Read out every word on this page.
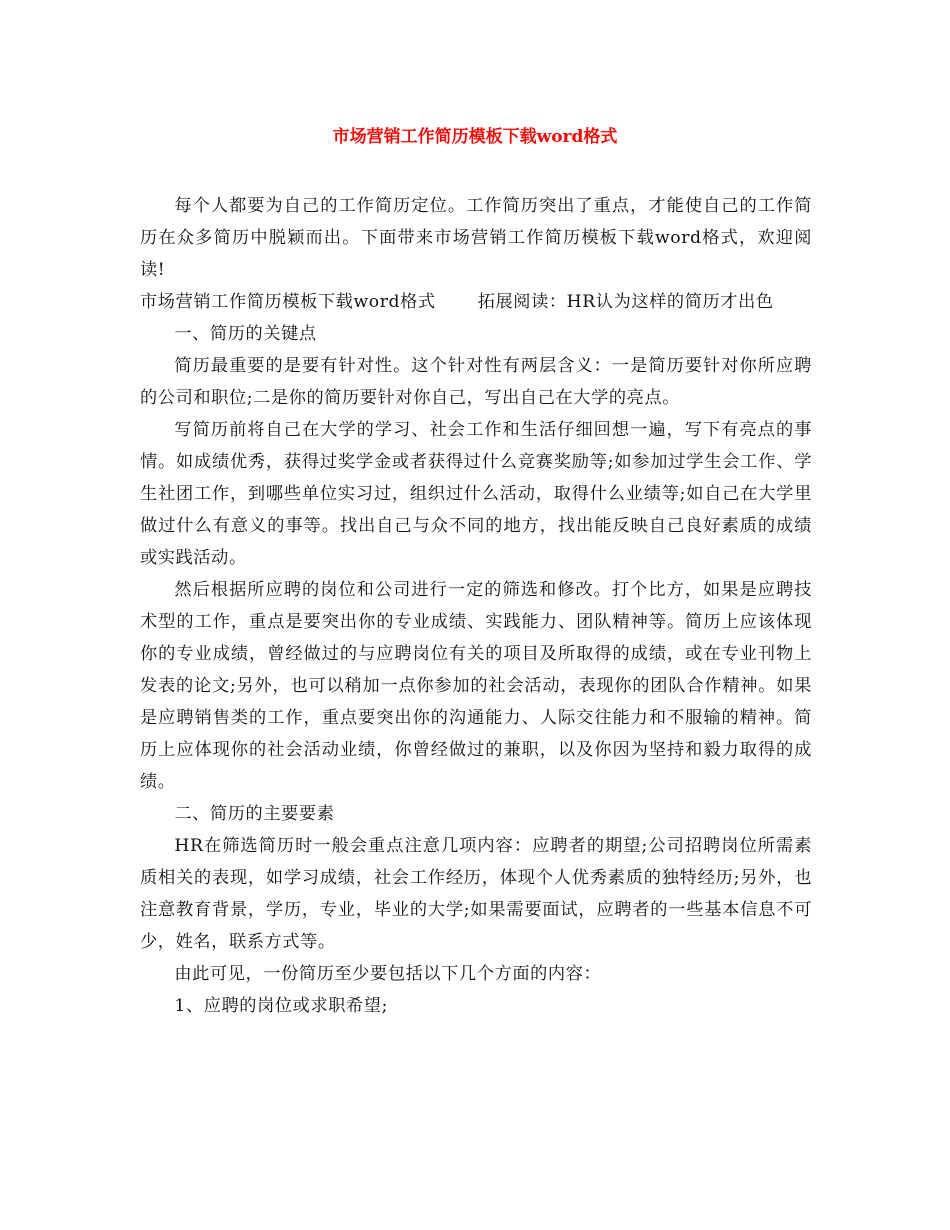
市场营销工作简历模板下载word格式

每个人都要为自己的工作简历定位。工作简历突出了重点，才能使自己的工作简历在众多简历中脱颖而出。下面带来市场营销工作简历模板下载word格式，欢迎阅读!

市场营销工作简历模板下载word格式 拓展阅读：HR认为这样的简历才出色

一、简历的关键点

简历最重要的是要有针对性。这个针对性有两层含义：一是简历要针对你所应聘的公司和职位;二是你的简历要针对你自己，写出自己在大学的亮点。

写简历前将自己在大学的学习、社会工作和生活仔细回想一遍，写下有亮点的事情。如成绩优秀，获得过奖学金或者获得过什么竞赛奖励等;如参加过学生会工作、学生社团工作，到哪些单位实习过，组织过什么活动，取得什么业绩等;如自己在大学里做过什么有意义的事等。找出自己与众不同的地方，找出能反映自己良好素质的成绩或实践活动。

然后根据所应聘的岗位和公司进行一定的筛选和修改。打个比方，如果是应聘技术型的工作，重点是要突出你的专业成绩、实践能力、团队精神等。简历上应该体现你的专业成绩，曾经做过的与应聘岗位有关的项目及所取得的成绩，或在专业刊物上发表的论文;另外，也可以稍加一点你参加的社会活动，表现你的团队合作精神。如果是应聘销售类的工作，重点要突出你的沟通能力、人际交往能力和不服输的精神。简历上应体现你的社会活动业绩，你曾经做过的兼职，以及你因为坚持和毅力取得的成绩。

二、简历的主要要素

HR在筛选简历时一般会重点注意几项内容：应聘者的期望;公司招聘岗位所需素质相关的表现，如学习成绩，社会工作经历，体现个人优秀素质的独特经历;另外，也注意教育背景，学历，专业，毕业的大学;如果需要面试，应聘者的一些基本信息不可少，姓名，联系方式等。

由此可见，一份简历至少要包括以下几个方面的内容：

1、应聘的岗位或求职希望;
